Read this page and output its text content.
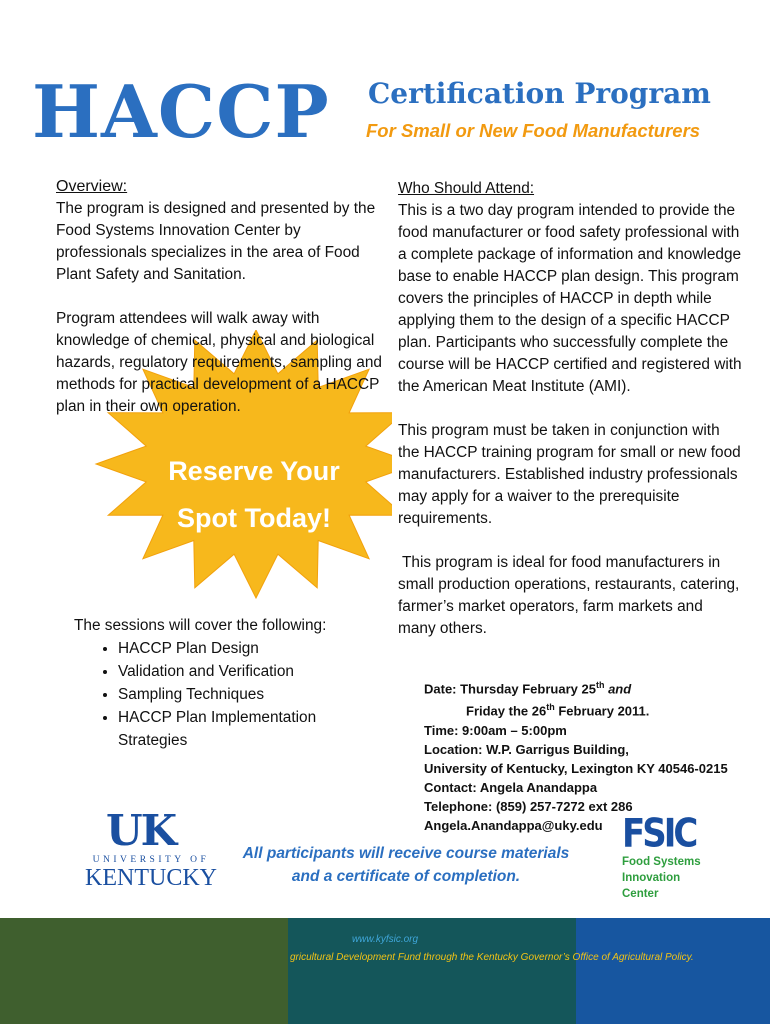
HACCP Certification Program
For Small or New Food Manufacturers
Overview:

The program is designed and presented by the Food Systems Innovation Center by professionals specializes in the area of Food Plant Safety and Sanitation.

Program attendees will walk away with knowledge of chemical, physical and biological hazards, regulatory requirements, sampling and methods for practical development of a HACCP plan in their own operation.

Reserve Your
Spot Today!
The sessions will cover the following:
• HACCP Plan Design
• Validation and Verification
• Sampling Techniques
• HACCP Plan Implementation Strategies
Who Should Attend:

This is a two day program intended to provide the food manufacturer or food safety professional with a complete package of information and knowledge base to enable HACCP plan design. This program covers the principles of HACCP in depth while applying them to the design of a specific HACCP plan. Participants who successfully complete the course will be HACCP certified and registered with the American Meat Institute (AMI).

This program must be taken in conjunction with the HACCP training program for small or new food manufacturers. Established industry professionals may apply for a waiver to the prerequisite requirements.

This program is ideal for food manufacturers in small production operations, restaurants, catering, farmer’s market operators, farm markets and many others.

Date: Thursday February 25th and
Friday the 26th February 2011.
Time: 9:00am – 5:00pm
Location: W.P. Garrigus Building,
University of Kentucky, Lexington KY 40546-0215
Contact: Angela Anandappa
Telephone: (859) 257-7272 ext 286
Angela.Anandappa@uky.edu
UK
UNIVERSITY OF
KENTUCKY
All participants will receive course materials and a certificate of completion.
FSIC
Food Systems
Innovation
Center
www.kyfsic.org
gricultural Development Fund through the Kentucky Governor’s Office of Agricultural Policy.
